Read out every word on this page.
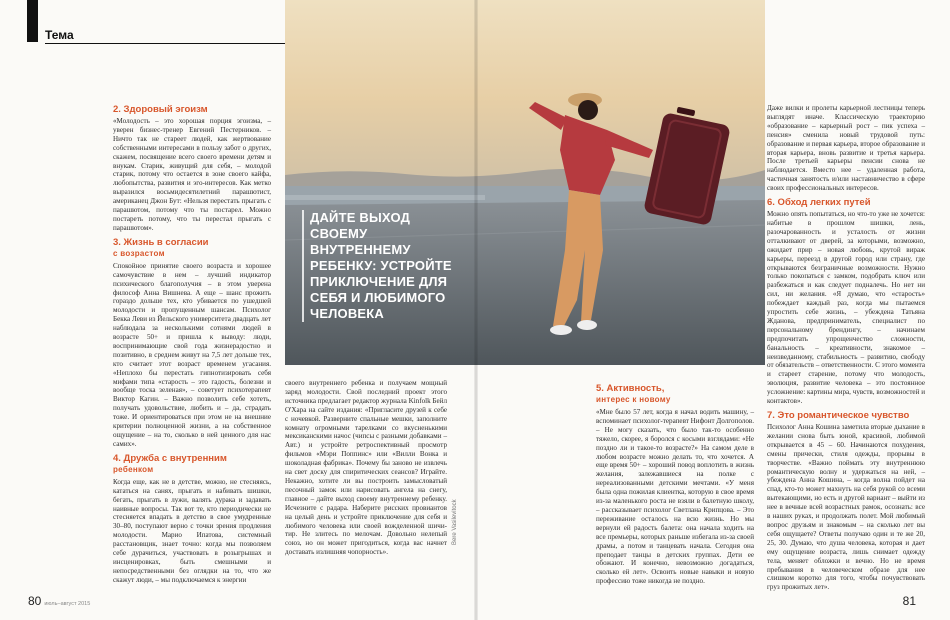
Тема
ДАЙТЕ ВЫХОД СВОЕМУ ВНУТРЕННЕМУ РЕБЕНКУ: УСТРОЙТЕ ПРИКЛЮЧЕНИЕ ДЛЯ СЕБЯ И ЛЮБИМОГО ЧЕЛОВЕКА
Bere Vasilevitock
2. Здоровый эгоизм

«Молодость – это хорошая порция эгоизма, – уверен бизнес-тренер Евгений Пестерников. – Ничто так не стареет людей, как жертвование собственными интересами в пользу забот о других, скажем, посвящение всего своего времени детям и внукам. Старик, живущий для себя, – молодой старик, потому что остается в зоне своего кайфа, любопытства, развития и эго-интересов. Как метко выразился восьмидесятилетний парашютист, американец Джон Бут: «Нельзя перестать прыгать с парашютом, потому что ты постарел. Можно постареть потому, что ты перестал прыгать с парашютом».

3. Жизнь в согласии
с возрастом

Спокойное принятие своего возраста и хорошее самочувствие в нем – лучший индикатор психического благополучия – в этом уверена философ Анна Вишнева. А еще – шанс прожить гораздо дольше тех, кто убивается по ушедшей молодости и пропущенным шансам. Психолог Бекка Леви из Йельского университета двадцать лет наблюдала за несколькими сотнями людей в возрасте 50+ и пришла к выводу: люди, воспринимающие свой года жизнерадостно и позитивно, в среднем живут на 7,5 лет дольше тех, кто считает этот возраст временем угасания. «Неплохо бы перестать гипнотизировать себя мифами типа «старость – это гадость, болезни и вообще тоска зеленая», – советует психотерапевт Виктор Кагин. – Важно позволить себе хотеть, получать удовольствие, любить и – да, страдать тоже. И ориентироваться при этом не на внешние критерии полноценной жизни, а на собственное ощущение – на то, сколько в ней ценного для нас самих».

4. Дружба с внутренним
ребенком

Когда еще, как не в детстве, можно, не стесняясь, кататься на санях, прыгать и набивать шишки, бегать, прыгать в лужи, валять дурака и задавать наивные вопросы. Так вот те, кто периодически не стесняется впадать в детство в свое умудренные 30–80, поступают верно с точки зрения продления молодости. Марио Ипатова, системный расстановщик, знает точно: когда мы позволяем себе дурачиться, участвовать в розыгрышах и инсценировках, быть смешными и непосредственными без оглядки на то, что же скажут люди, – мы подключаемся к энергии

своего внутреннего ребенка и получаем мощный заряд молодости. Свой последний проект этого источника предлагает редактор журнала Kinfolk Бейл О'Хара на сайте издания: «Пригласите друзей к себе с ночевкой. Разверните спальные мешки, заполните комнату огромными тарелками со вкусненькими мексиканскими начос (чипсы с разными добавками – Авт.) и устройте ретроспективный просмотр фильмов «Мэри Поппинс» или «Вилли Вонка и шоколадная фабрика». Почему бы заново не извлечь на свет доску для спиритических сеансов? Играйте. Некажно, хотите ли вы построить замысловатый песочный замок или нарисовать ангела на снегу, главное – дайте выход своему внутреннему ребенку. Исчезните с радара. Наберите рисских провиантов на целый день и устройте приключение для себя и любимого человека или своей вожделенной шичи-тир. Не злитесь по мелочам. Довольно нелепый союз, но он может пригодиться, когда вас начнет доставать излишняя чопорность».

5. Активность,
интерес к новому

«Мне было 57 лет, когда я начал водить машину, – вспоминает психолог-терапевт Нифонт Долгополов. – Не могу сказать, что было так-то особенно тяжело, скорее, я боролся с косыми взглядами: «Не поздно ли и такое-то возрасте?» На самом деле в любом возрасте можно делать то, что хочется. А еще время 50+ – хороший повод воплотить в жизнь желания, залежавшиеся на полке с нереализованными детскими мечтами. «У меня была одна пожилая клиентка, которую в свое время из-за маленького роста не взяли в балетную школу, – рассказывает психолог Светлана Крипцова. – Это переживание осталось на всю жизнь. Но мы вернули ей радость балета: она начала ходить на все премьеры, которых раньше избегала из-за своей драмы, а потом и танцевать начала. Сегодня она преподает танцы в детских группах. Дети ее обожают. И конечно, невозможно догадаться, сколько ей лет». Освоить новые навыки и новую профессию тоже никогда не поздно.

Даже вилки и пролеты карьерной лестницы теперь выглядят иначе. Классическую траекторию «образование – карьерный рост – пик успеха – пенсия» сменила новый трудовой путь: образование и первая карьера, второе образование и вторая карьера, вновь развитие и третья карьера. После третьей карьеры пенсии снова не наблюдается. Вместо нее – удаленная работа, частичная занятость и/или наставничество в сфере своих профессиональных интересов.

6. Обход легких путей

Можно опять попытаться, но что-то уже не хочется: набитые в прошлом шишки, лень, разочарованность и усталость от жизни отталкивают от дверей, за которыми, возможно, ожидает прир – новая любовь, крутой вираж карьеры, переезд в другой город или страну, где открываются безграничные возможности. Нужно только покопаться с замком, подобрать ключ или разбежаться и как следует подналечь. Но нет ни сил, ни желания. «Я думаю, что «старость» побеждает каждый раз, когда мы пытаемся упростить себе жизнь, – убеждена Татьяна Жданова, предприниматель, специалист по персональному брендингу, – начинаем предпочитать упрощенчество сложности, банальность – креативности, знакомое – неизведанному, стабильность – развитию, свободу от обязательств – ответственности. С этого момента и стареет старение, потому что молодость, эволюция, развитие человека – это постоянное усложнение: картины мира, чувств, возможностей и контактов».

7. Это романтическое чувство

Психолог Анна Кошина заметила вторые дыхание в желании снова быть юной, красивой, любимой открывается в 45 – 60. Начинаются похудения, смены прически, стиля одежды, прорывы в творчестве. «Важно поймать эту внутреннюю романтическую волну и удержаться на ней, – убеждена Анна Кошина, – когда волна пойдет на спад, кто-то может махнуть на себя рукой со всеми вытекающими, но есть и другой вариант – выйти из нее в вечные всей возрастных рамок, осознать: все в наших руках, и продолжать полет. Мой любимый вопрос друзьям и знакомым – на сколько лет вы себя ощущаете? Ответы получаю один и те же 20, 25, 30. Думаю, что душа человека, которая и дает ему ощущение возраста, лишь снимает одежду тела, меняет обложки и вечно. Но не время пребывания в человеческом образе для нее слишком коротко для того, чтобы почувствовать груз прожитых лет».

80 июль–август 2015	81
